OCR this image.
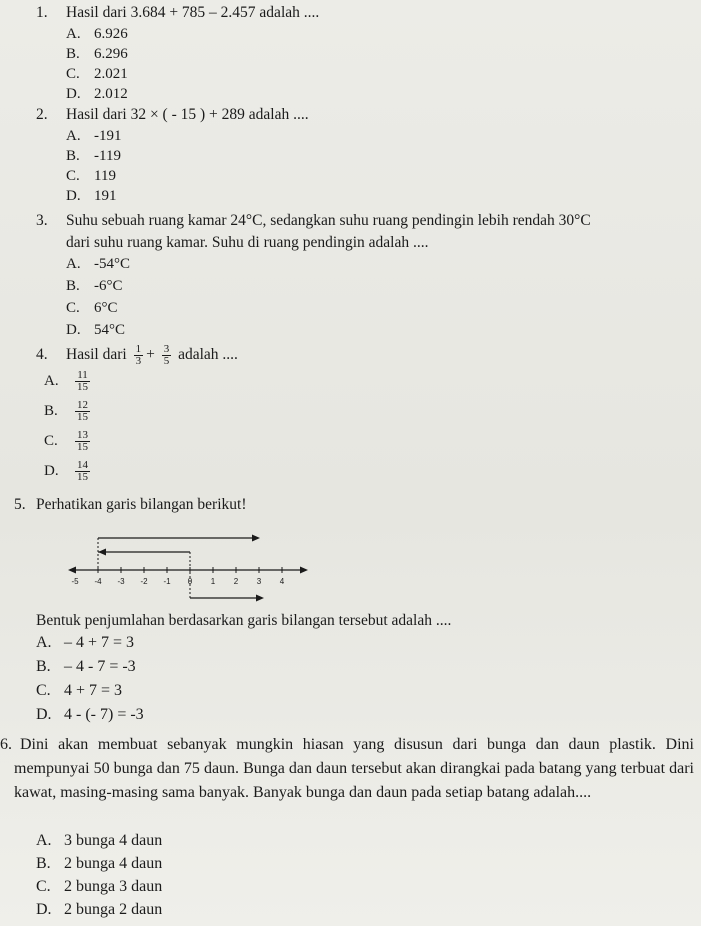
1. Hasil dari 3.684 + 785 – 2.457 adalah ....
A. 6.926
B. 6.296
C. 2.021
D. 2.012
2. Hasil dari 32 × ( - 15 ) + 289 adalah ....
A. -191
B. -119
C. 119
D. 191
3. Suhu sebuah ruang kamar 24°C, sedangkan suhu ruang pendingin lebih rendah 30°C
dari suhu ruang kamar. Suhu di ruang pendingin adalah ....
A. -54°C
B. -6°C
C. 6°C
D. 54°C
4. Hasil dari $\frac{1}{3} + \frac{3}{5}$ adalah ....
A. $\frac{11}{15}$
B. $\frac{12}{15}$
C. $\frac{13}{15}$
D. $\frac{14}{15}$
5. Perhatikan garis bilangan berikut!
-5 -4 -3 -2 -1 0 1 2 3 4
Bentuk penjumlahan berdasarkan garis bilangan tersebut adalah ....
A. – 4 + 7 = 3
B. – 4 - 7 = -3
C. 4 + 7 = 3
D. 4 - (- 7) = -3
6. Dini akan membuat sebanyak mungkin hiasan yang disusun dari bunga dan daun plastik. Dini mempunyai 50 bunga dan 75 daun. Bunga dan daun tersebut akan dirangkai pada batang yang terbuat dari kawat, masing-masing sama banyak. Banyak bunga dan daun pada setiap batang adalah....
A. 3 bunga 4 daun
B. 2 bunga 4 daun
C. 2 bunga 3 daun
D. 2 bunga 2 daun
